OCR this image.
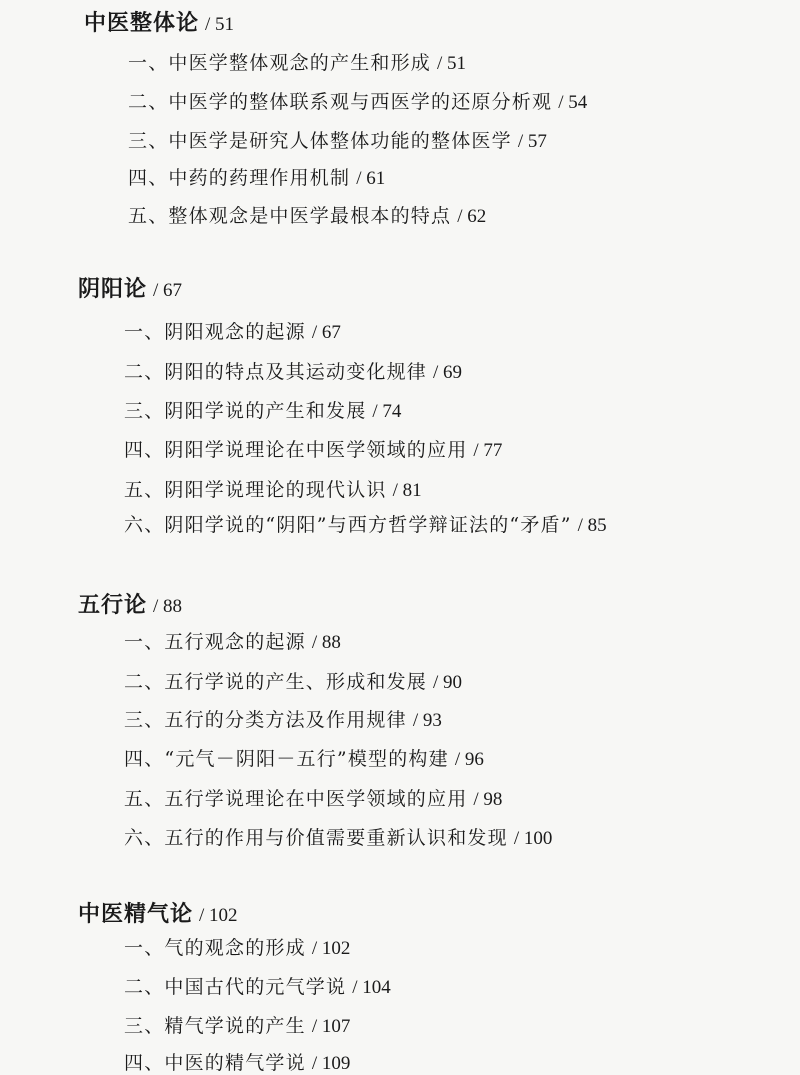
中医整体论 / 51
一、中医学整体观念的产生和形成 / 51
二、中医学的整体联系观与西医学的还原分析观 / 54
三、中医学是研究人体整体功能的整体医学 / 57
四、中药的药理作用机制 / 61
五、整体观念是中医学最根本的特点 / 62
阴阳论 / 67
一、阴阳观念的起源 / 67
二、阴阳的特点及其运动变化规律 / 69
三、阴阳学说的产生和发展 / 74
四、阴阳学说理论在中医学领域的应用 / 77
五、阴阳学说理论的现代认识 / 81
六、阴阳学说的“阴阳”与西方哲学辩证法的“矛盾” / 85
五行论 / 88
一、五行观念的起源 / 88
二、五行学说的产生、形成和发展 / 90
三、五行的分类方法及作用规律 / 93
四、“元气－阴阳－五行”模型的构建 / 96
五、五行学说理论在中医学领域的应用 / 98
六、五行的作用与价值需要重新认识和发现 / 100
中医精气论 / 102
一、气的观念的形成 / 102
二、中国古代的元气学说 / 104
三、精气学说的产生 / 107
四、中医的精气学说 / 109
